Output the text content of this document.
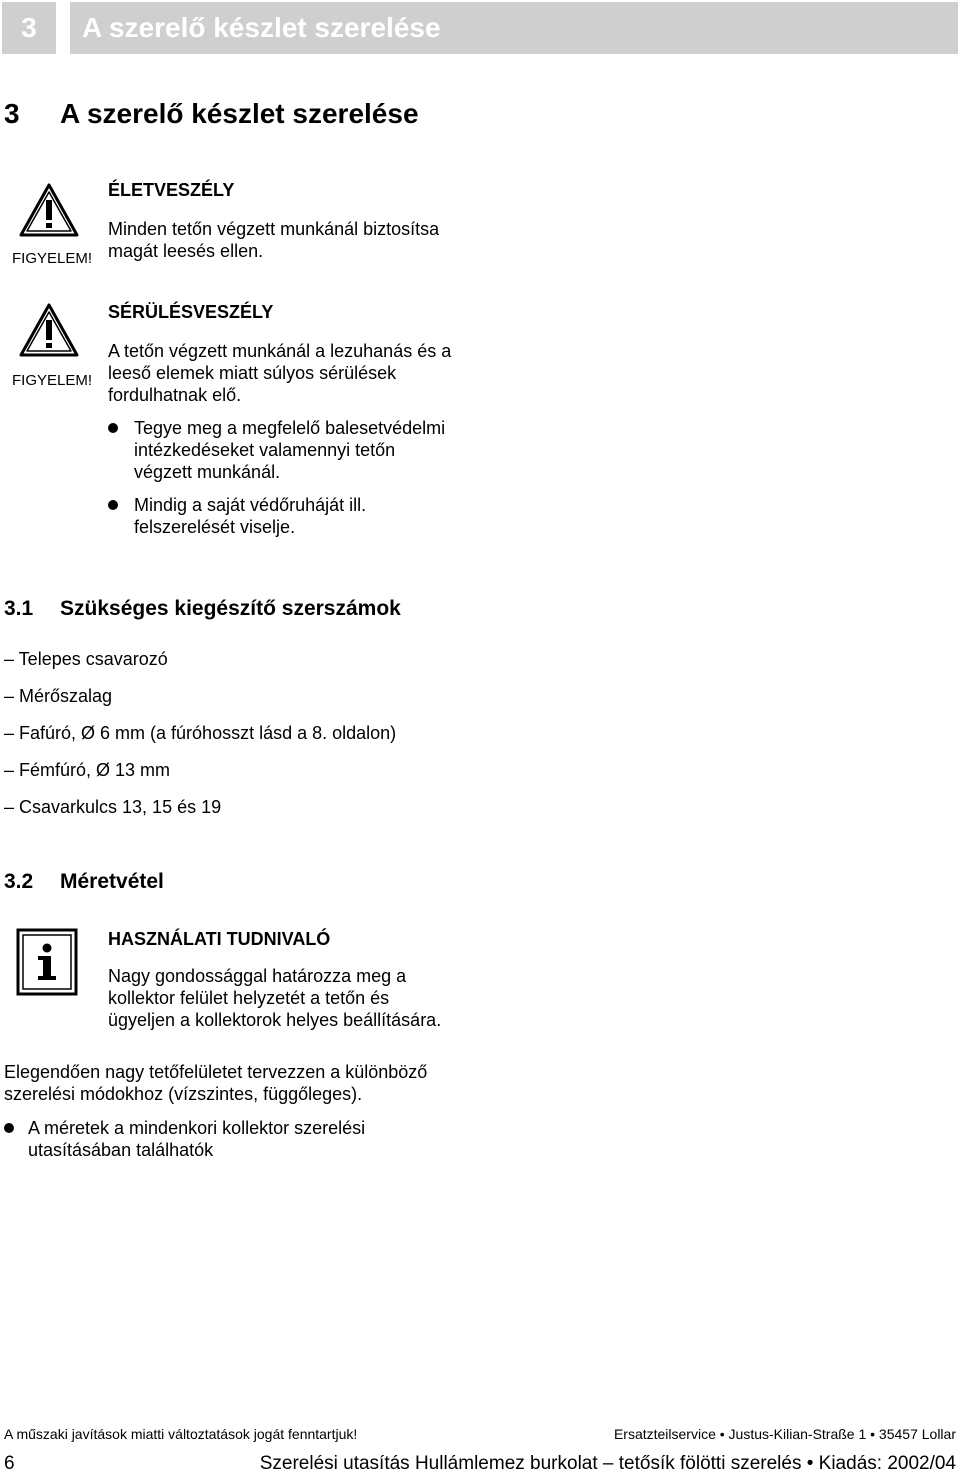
3	A szerelő készlet szerelése
3 A szerelő készlet szerelése
FIGYELEM!
ÉLETVESZÉLY
Minden tetőn végzett munkánál biztosítsa
magát leesés ellen.
FIGYELEM!
SÉRÜLÉSVESZÉLY
A tetőn végzett munkánál a lezuhanás és a
leeső elemek miatt súlyos sérülések
fordulhatnak elő.
Tegye meg a megfelelő balesetvédelmi
intézkedéseket valamennyi tetőn
végzett munkánál.
Mindig a saját védőruháját ill.
felszerelését viselje.
3.1 Szükséges kiegészítő szerszámok
– Telepes csavarozó
– Mérőszalag
– Fafúró, Ø 6 mm (a fúróhosszt lásd a 8. oldalon)
– Fémfúró, Ø 13 mm
– Csavarkulcs 13, 15 és 19
3.2 Méretvétel
HASZNÁLATI TUDNIVALÓ
Nagy gondossággal határozza meg a
kollektor felület helyzetét a tetőn és
ügyeljen a kollektorok helyes beállítására.
Elegendően nagy tetőfelületet tervezzen a különböző
szerelési módokhoz (vízszintes, függőleges).
A méretek a mindenkori kollektor szerelési
utasításában találhatók
A műszaki javítások miatti változtatások jogát fenntartjuk!	Ersatzteilservice • Justus-Kilian-Straße 1 • 35457 Lollar
6	Szerelési utasítás Hullámlemez burkolat – tetősík fölötti szerelés • Kiadás: 2002/04
